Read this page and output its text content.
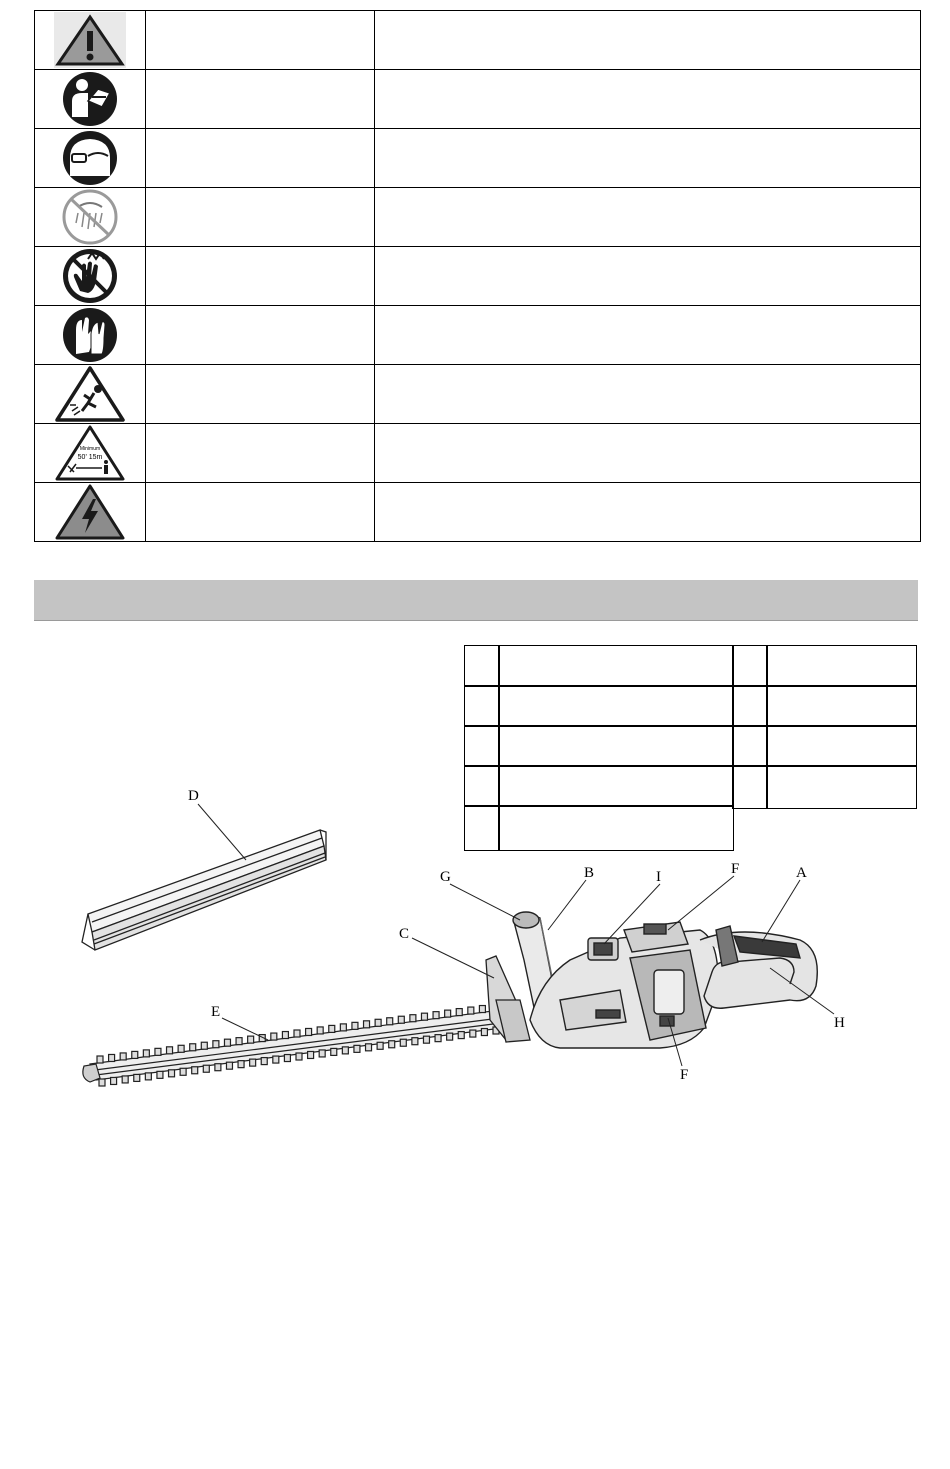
Minimum
50' 15m		

D
G	B	I	F	A
C
E
H
F
